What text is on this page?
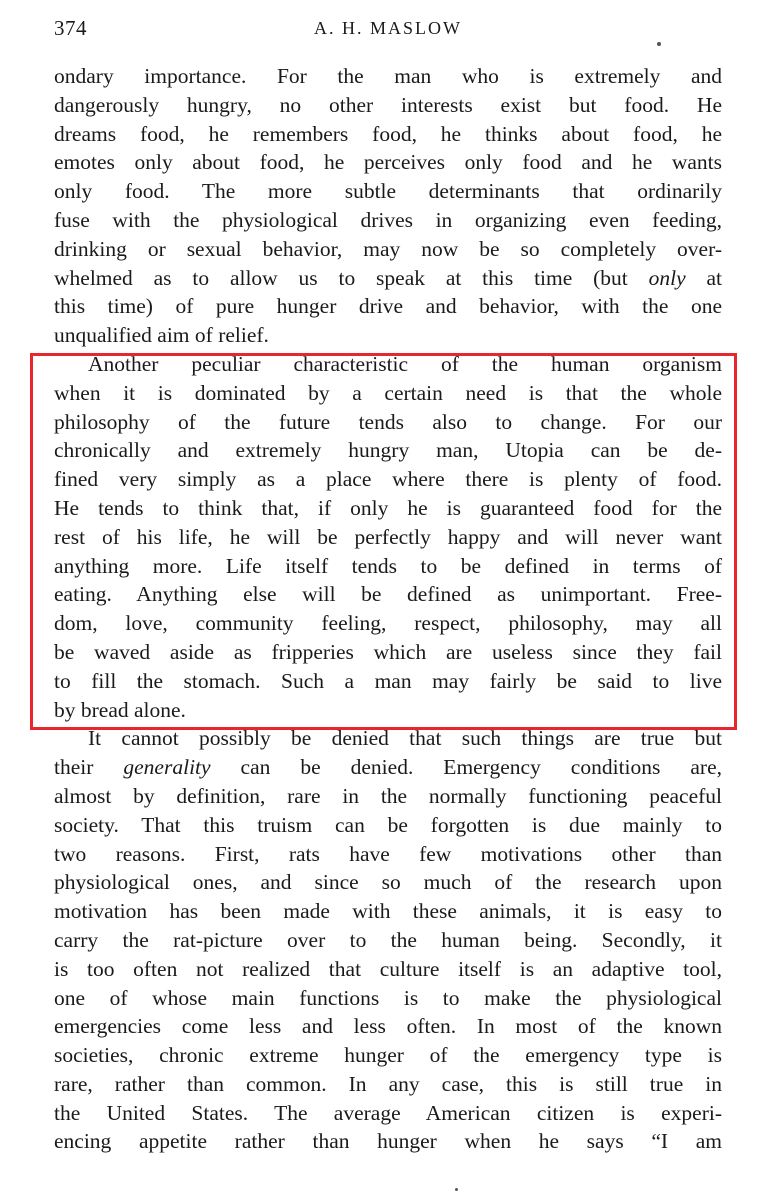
374	A. H. MASLOW
ondary importance. For the man who is extremely and
dangerously hungry, no other interests exist but food. He
dreams food, he remembers food, he thinks about food, he
emotes only about food, he perceives only food and he wants
only food. The more subtle determinants that ordinarily
fuse with the physiological drives in organizing even feeding,
drinking or sexual behavior, may now be so completely over-
whelmed as to allow us to speak at this time (but only at
this time) of pure hunger drive and behavior, with the one
unqualified aim of relief.
Another peculiar characteristic of the human organism
when it is dominated by a certain need is that the whole
philosophy of the future tends also to change. For our
chronically and extremely hungry man, Utopia can be de-
fined very simply as a place where there is plenty of food.
He tends to think that, if only he is guaranteed food for the
rest of his life, he will be perfectly happy and will never want
anything more. Life itself tends to be defined in terms of
eating. Anything else will be defined as unimportant. Free-
dom, love, community feeling, respect, philosophy, may all
be waved aside as fripperies which are useless since they fail
to fill the stomach. Such a man may fairly be said to live
by bread alone.
It cannot possibly be denied that such things are true but
their generality can be denied. Emergency conditions are,
almost by definition, rare in the normally functioning peaceful
society. That this truism can be forgotten is due mainly to
two reasons. First, rats have few motivations other than
physiological ones, and since so much of the research upon
motivation has been made with these animals, it is easy to
carry the rat-picture over to the human being. Secondly, it
is too often not realized that culture itself is an adaptive tool,
one of whose main functions is to make the physiological
emergencies come less and less often. In most of the known
societies, chronic extreme hunger of the emergency type is
rare, rather than common. In any case, this is still true in
the United States. The average American citizen is experi-
encing appetite rather than hunger when he says “I am
